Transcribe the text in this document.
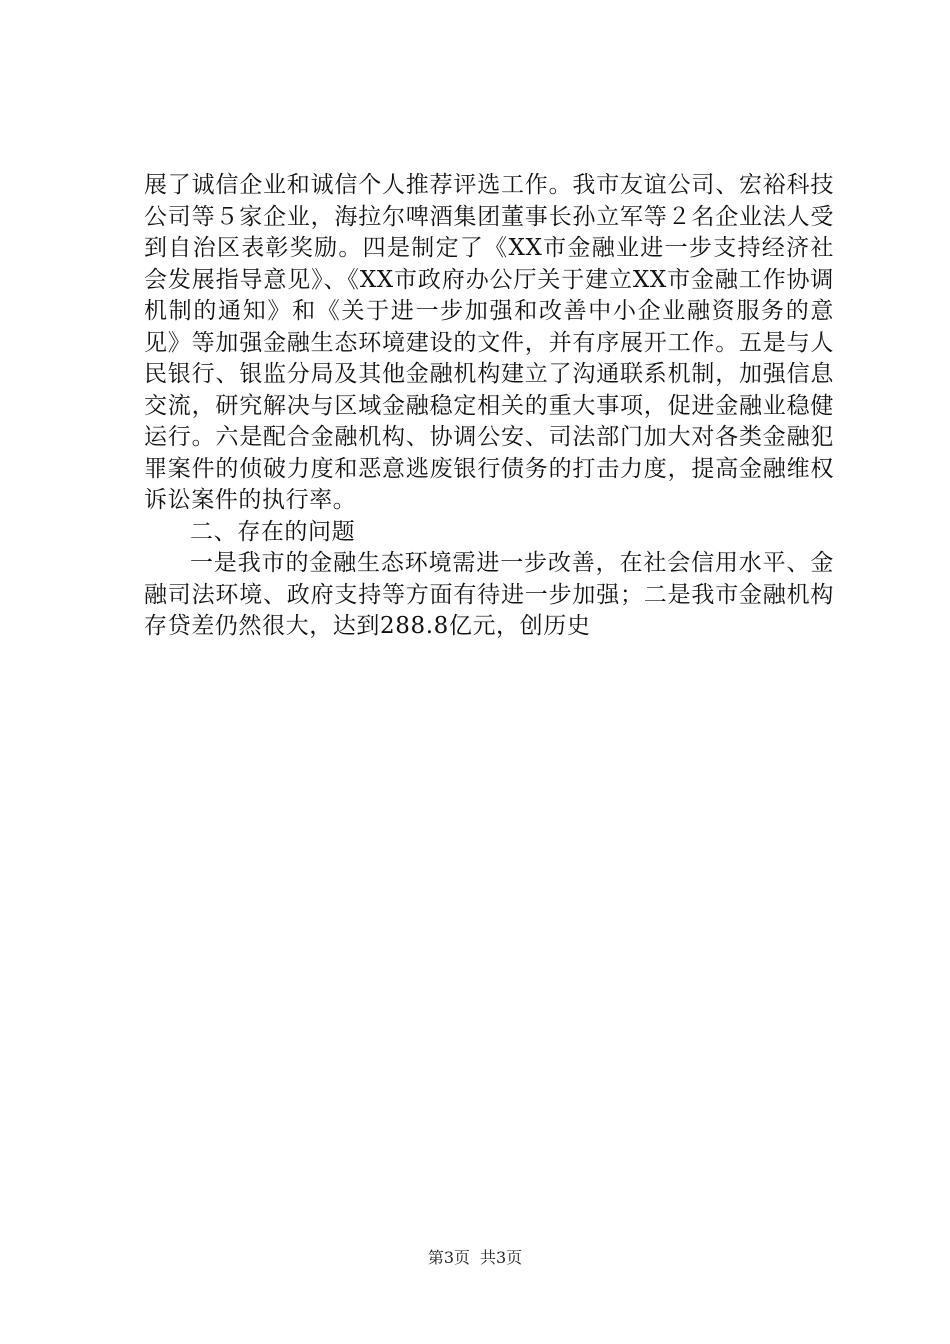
展了诚信企业和诚信个人推荐评选工作。我市友谊公司、宏裕科技公司等５家企业，海拉尔啤酒集团董事长孙立军等２名企业法人受到自治区表彰奖励。四是制定了《XX市金融业进一步支持经济社会发展指导意见》、《XX市政府办公厅关于建立XX市金融工作协调机制的通知》和《关于进一步加强和改善中小企业融资服务的意见》等加强金融生态环境建设的文件，并有序展开工作。五是与人民银行、银监分局及其他金融机构建立了沟通联系机制，加强信息交流，研究解决与区域金融稳定相关的重大事项，促进金融业稳健运行。六是配合金融机构、协调公安、司法部门加大对各类金融犯罪案件的侦破力度和恶意逃废银行债务的打击力度，提高金融维权诉讼案件的执行率。

二、存在的问题

一是我市的金融生态环境需进一步改善，在社会信用水平、金融司法环境、政府支持等方面有待进一步加强；二是我市金融机构存贷差仍然很大，达到288.8亿元，创历史

第3页 共3页
